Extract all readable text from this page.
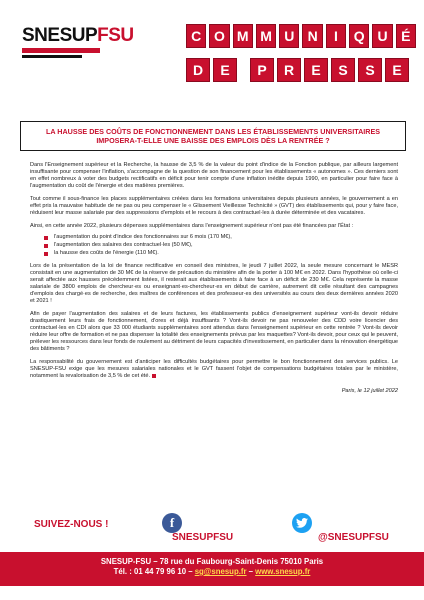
SNESUPFSU	C O M M U N	I	Q U É
D	E	P	R	E	S	S	E

LA HAUSSE DES COÛTS DE FONCTIONNEMENT DANS LES ÉTABLISSEMENTS UNIVERSITAIRES IMPOSERA-T-ELLE UNE BAISSE DES EMPLOIS DÈS LA RENTRÉE ?

Dans l'Enseignement supérieur et la Recherche, la hausse de 3,5 % de la valeur du point d'indice de la Fonction publique, par ailleurs largement insuffisante pour compenser l'inflation, s'accompagne de la question de son financement pour les établissements « autonomes ». Ces derniers sont en effet nombreux à voter des budgets rectificatifs en déficit pour tenir compte d'une inflation inédite depuis 1990, en particulier pour faire face à l'augmentation du coût de l'énergie et des matières premières.

Tout comme il sous-finance les places supplémentaires créées dans les formations universitaires depuis plusieurs années, le gouvernement a en effet pris la mauvaise habitude de ne pas ou peu compenser le « Glissement Vieillesse Technicité » (GVT) des établissements qui, pour y faire face, réduisent leur masse salariale par des suppressions d'emplois et le recours à des contractuel·les à durée déterminée et des vacataires.

Ainsi, en cette année 2022, plusieurs dépenses supplémentaires dans l'enseignement supérieur n'ont pas été financées par l'État :

l'augmentation du point d'indice des fonctionnaires sur 6 mois (170 M€),
l'augmentation des salaires des contractuel·les (50 M€),
la hausse des coûts de l'énergie (110 M€).

Lors de la présentation de la loi de finance rectificative en conseil des ministres, le jeudi 7 juillet 2022, la seule mesure concernant le MESR consistait en une augmentation de 30 M€ de la réserve de précaution du ministère afin de la porter à 100 M€ en 2022. Dans l'hypothèse où celle-ci serait affectée aux hausses précédemment listées, il resterait aux établissements à faire face à un déficit de 230 M€. Cela représente la masse salariale de 3800 emplois de chercheur·es ou enseignant·es-chercheur·es en début de carrière, autrement dit celle résultant des campagnes d'emplois des chargé·es de recherche, des maîtres de conférences et des professeur·es des universités au cours des deux dernières années 2020 et 2021 !

Afin de payer l'augmentation des salaires et de leurs factures, les établissements publics d'enseignement supérieur vont-ils devoir réduire drastiquement leurs frais de fonctionnement, d'ores et déjà insuffisants ? Vont-ils devoir ne pas renouveler des CDD voire licencier des contractuel·les en CDI alors que 33 000 étudiants supplémentaires sont attendus dans l'enseignement supérieur en cette rentrée ? Vont-ils devoir réduire leur offre de formation et ne pas dispenser la totalité des enseignements prévus par les maquettes? Vont-ils devoir, pour ceux qui le peuvent, prélever les ressources dans leur fonds de roulement au détriment de leurs capacités d'investissement, en particulier dans la rénovation énergétique des bâtiments ?

La responsabilité du gouvernement est d'anticiper les difficultés budgétaires pour permettre le bon fonctionnement des services publics. Le SNESUP-FSU exige que les mesures salariales nationales et le GVT fassent l'objet de compensations budgétaires totales par le ministère, notamment la revalorisation de 3,5 % de cet été.

Paris, le 12 juillet 2022

SUIVEZ-NOUS !	f
SNESUPFSU	@SNESUPFSU
SNESUP-FSU – 78 rue du Faubourg-Saint-Denis 75010 Paris
Tél. : 01 44 79 96 10 – sg@snesup.fr – www.snesup.fr
